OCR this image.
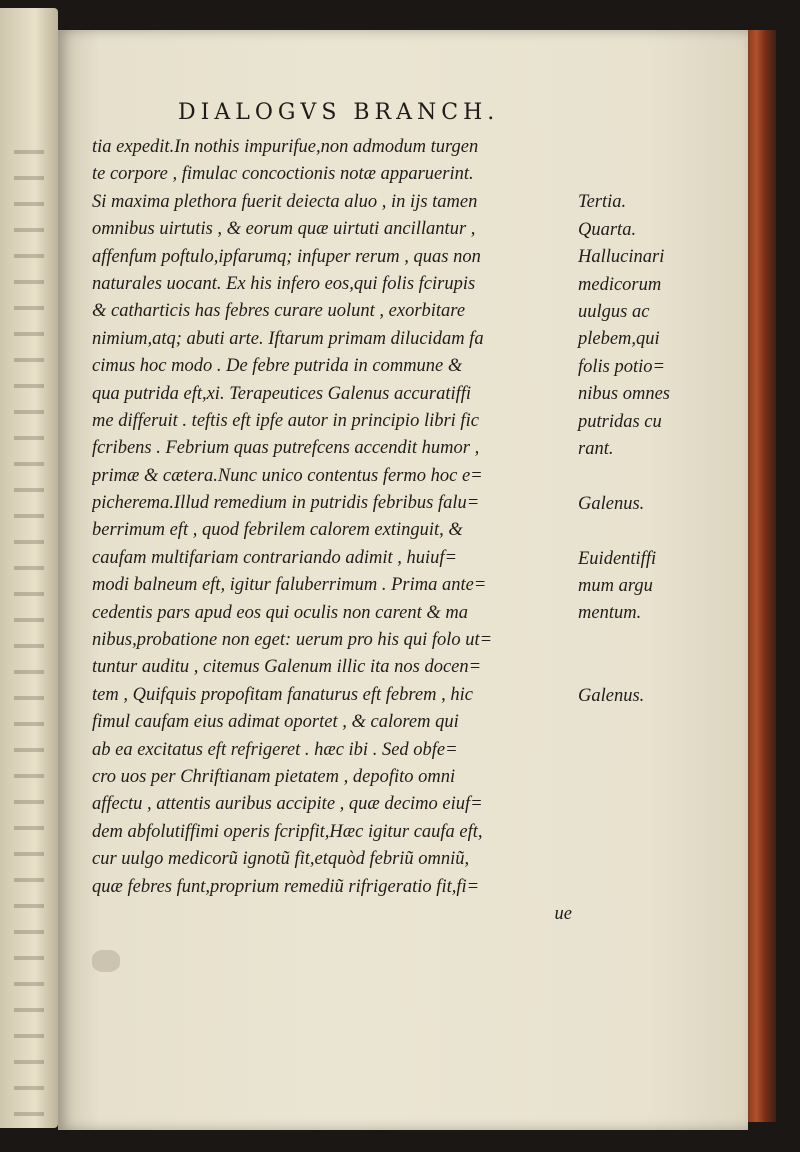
DIALOGVS BRANCH.
tia expedit.In nothis impurifue,non admodum turgen
te corpore , fimulac concoctionis notæ apparuerint.
Si maxima plethora fuerit deiecta aluo , in ijs tamen
omnibus uirtutis , & eorum quæ uirtuti ancillantur ,
affenfum poftulo,ipfarumq; infuper rerum , quas non
naturales uocant. Ex his infero eos,qui folis fcirupis
& catharticis has febres curare uolunt , exorbitare
nimium,atq; abuti arte. Iftarum primam dilucidam fa
cimus hoc modo . De febre putrida in commune &
qua putrida eft,xi. Terapeutices Galenus accuratiffi
me differuit . teftis eft ipfe autor in principio libri fic
fcribens . Febrium quas putrefcens accendit humor ,
primæ & cætera.Nunc unico contentus fermo hoc e=
picherema.Illud remedium in putridis febribus falu=
berrimum eft , quod febrilem calorem extinguit, &
caufam multifariam contrariando adimit , huiuf=
modi balneum eft, igitur faluberrimum . Prima ante=
cedentis pars apud eos qui oculis non carent & ma
nibus,probatione non eget: uerum pro his qui folo ut=
tuntur auditu , citemus Galenum illic ita nos docen=
tem , Quifquis propofitam fanaturus eft febrem , hic
fimul caufam eius adimat oportet , & calorem qui
ab ea excitatus eft refrigeret . hæc ibi . Sed obfe=
cro uos per Chriftianam pietatem , depofito omni
affectu , attentis auribus accipite , quæ decimo eiuf=
dem abfolutiffimi operis fcripfit,Hæc igitur caufa eft,
cur uulgo medicorũ ignotũ fit,etquòd febriũ omniũ,
quæ febres funt,proprium remediũ rifrigeratio fit,fi=
ue
Tertia.
Quarta.
Hallucinari
medicorum
uulgus ac
plebem,qui
folis potio=
nibus omnes
putridas cu
rant.
Galenus.
Euidentiffi
mum argu
mentum.
Galenus.
